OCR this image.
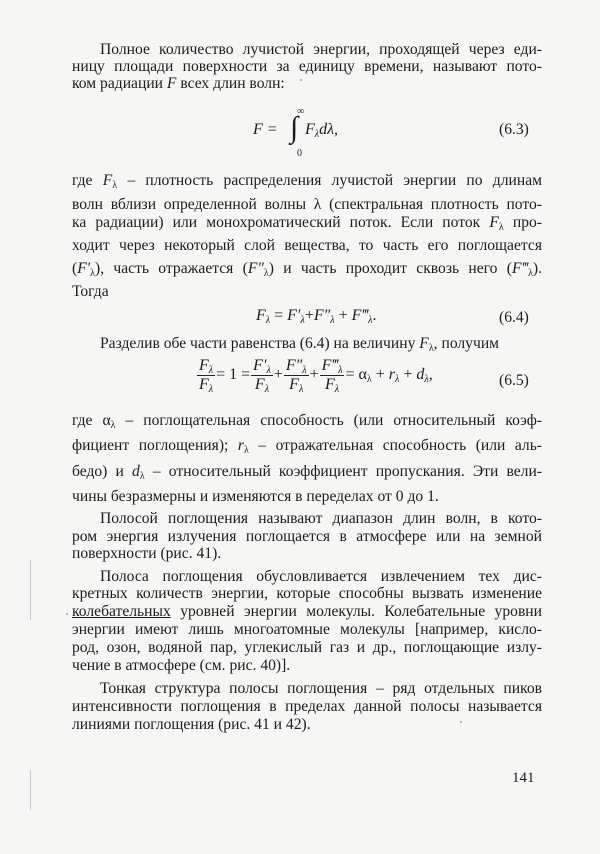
Полное количество лучистой энергии, проходящей через еди-
ницу площади поверхности за единицу времени, называют пото-
ком радиации F всех длин волн:
F =
∞
∫
0
$F_\lambda d\lambda$,	(6.3)
где $F_\lambda$ – плотность распределения лучистой энергии по длинам
волн вблизи определенной волны λ (спектральная плотность пото-
ка радиации) или монохроматический поток. Если поток $F_\lambda$ про-
ходит через некоторый слой вещества, то часть его поглощается
$(F'_\lambda)$, часть отражается $(F''_\lambda)$ и часть проходит сквозь него $(F‴_\lambda)$.
Тогда
$F_\lambda = F'_\lambda+F''_\lambda$ + $F‴_\lambda$.	(6.4)
Разделив обе части равенства (6.4) на величину $F_\lambda$, получим
$\frac{F_\lambda}{F_\lambda} = 1 = \frac{F'_\lambda}{F_\lambda} + \frac{F''_\lambda}{F_\lambda} + \frac{F‴_\lambda}{F_\lambda} = \alpha_\lambda + r_\lambda + d_\lambda$,	(6.5)
где $\alpha_\lambda$ – поглощательная способность (или относительный коэф-
фициент поглощения); $r_\lambda$ – отражательная способность (или аль-
бедо) и $d_\lambda$ – относительный коэффициент пропускания. Эти вели-
чины безразмерны и изменяются в переделах от 0 до 1.
Полосой поглощения называют диапазон длин волн, в кото-
ром энергия излучения поглощается в атмосфере или на земной
поверхности (рис. 41).
Полоса поглощения обусловливается извлечением тех дис-
кретных количеств энергии, которые способны вызвать изменение
колебательных уровней энергии молекулы. Колебательные уровни
энергии имеют лишь многоатомные молекулы [например, кисло-
род, озон, водяной пар, углекислый газ и др., поглощающие излу-
чение в атмосфере (см. рис. 40)].
Тонкая структура полосы поглощения – ряд отдельных пиков
интенсивности поглощения в пределах данной полосы называется
линиями поглощения (рис. 41 и 42).
141
